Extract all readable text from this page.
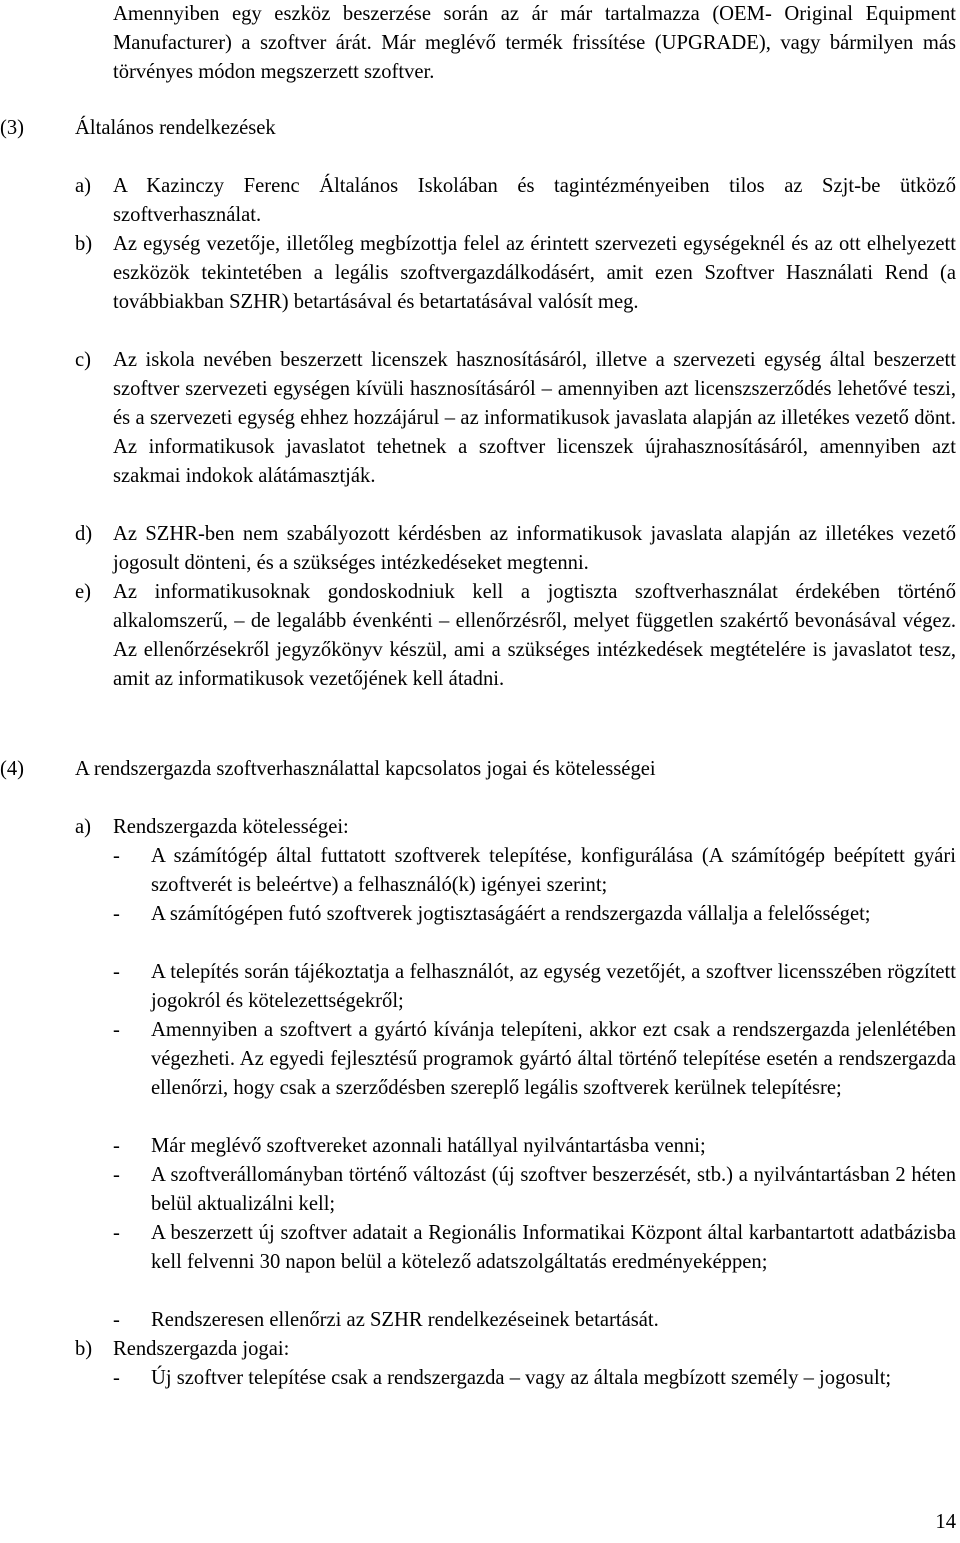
Amennyiben egy eszköz beszerzése során az ár már tartalmazza (OEM- Original Equipment Manufacturer) a szoftver árát. Már meglévő termék frissítése (UPGRADE), vagy bármilyen más törvényes módon megszerzett szoftver.
(3) Általános rendelkezések
a) A Kazinczy Ferenc Általános Iskolában és tagintézményeiben tilos az Szjt-be ütköző szoftverhasználat.
b) Az egység vezetője, illetőleg megbízottja felel az érintett szervezeti egységeknél és az ott elhelyezett eszközök tekintetében a legális szoftvergazdálkodásért, amit ezen Szoftver Használati Rend (a továbbiakban SZHR) betartásával és betartatásával valósít meg.
c) Az iskola nevében beszerzett licenszek hasznosításáról, illetve a szervezeti egység által beszerzett szoftver szervezeti egységen kívüli hasznosításáról – amennyiben azt licenszszerződés lehetővé teszi, és a szervezeti egység ehhez hozzájárul – az informatikusok javaslata alapján az illetékes vezető dönt. Az informatikusok javaslatot tehetnek a szoftver licenszek újrahasznosításáról, amennyiben azt szakmai indokok alátámasztják.
d) Az SZHR-ben nem szabályozott kérdésben az informatikusok javaslata alapján az illetékes vezető jogosult dönteni, és a szükséges intézkedéseket megtenni.
e) Az informatikusoknak gondoskodniuk kell a jogtiszta szoftverhasználat érdekében történő alkalomszerű, – de legalább évenkénti – ellenőrzésről, melyet független szakértő bevonásával végez. Az ellenőrzésekről jegyzőkönyv készül, ami a szükséges intézkedések megtételére is javaslatot tesz, amit az informatikusok vezetőjének kell átadni.
(4) A rendszergazda szoftverhasználattal kapcsolatos jogai és kötelességei
a) Rendszergazda kötelességei:
- A számítógép által futtatott szoftverek telepítése, konfigurálása (A számítógép beépített gyári szoftverét is beleértve) a felhasználó(k) igényei szerint;
- A számítógépen futó szoftverek jogtisztaságáért a rendszergazda vállalja a felelősséget;
- A telepítés során tájékoztatja a felhasználót, az egység vezetőjét, a szoftver licensszében rögzített jogokról és kötelezettségekről;
- Amennyiben a szoftvert a gyártó kívánja telepíteni, akkor ezt csak a rendszergazda jelenlétében végezheti. Az egyedi fejlesztésű programok gyártó által történő telepítése esetén a rendszergazda ellenőrzi, hogy csak a szerződésben szereplő legális szoftverek kerülnek telepítésre;
- Már meglévő szoftvereket azonnali hatállyal nyilvántartásba venni;
- A szoftverállományban történő változást (új szoftver beszerzését, stb.) a nyilvántartásban 2 héten belül aktualizálni kell;
- A beszerzett új szoftver adatait a Regionális Informatikai Központ által karbantartott adatbázisba kell felvenni 30 napon belül a kötelező adatszolgáltatás eredményeképpen;
- Rendszeresen ellenőrzi az SZHR rendelkezéseinek betartását.
b) Rendszergazda jogai:
- Új szoftver telepítése csak a rendszergazda – vagy az általa megbízott személy – jogosult;
14
